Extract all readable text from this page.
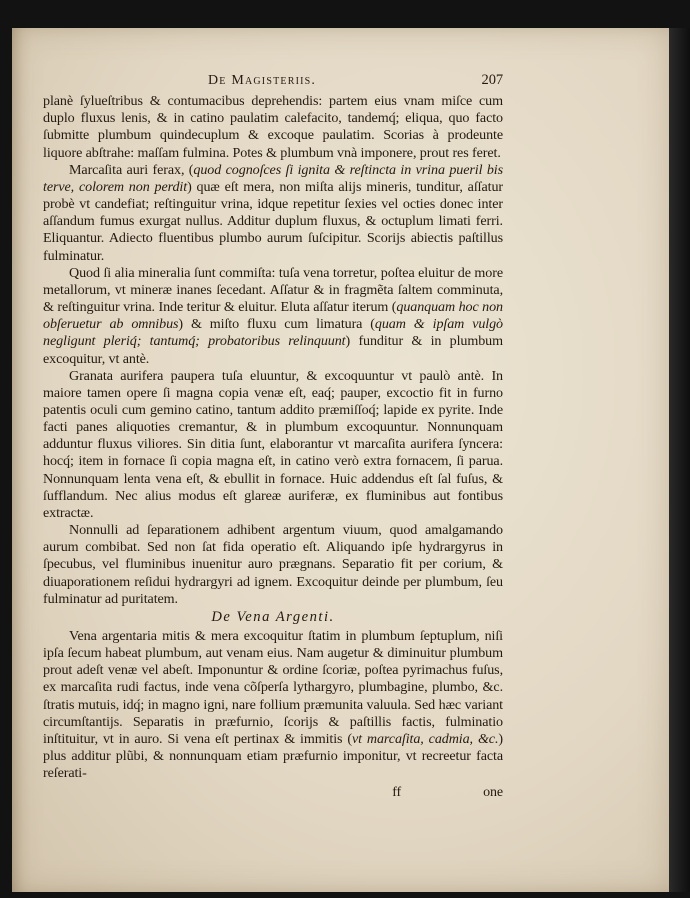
De Magisteriis.	207

planè ſylueſtribus & contumacibus deprehendis: partem eius vnam miſce cum duplo fluxus lenis, & in catino paulatim calefacito, tandemq́; eliqua, quo facto ſubmitte plumbum quindecuplum & excoque paulatim. Scorias à prodeunte liquore abſtrahe: maſſam fulmina. Potes & plumbum vnà imponere, prout res feret.

Marcaſita auri ferax, (quod cognoſces ſi ignita & reſtincta in vrina pueril bis terve, colorem non perdit) quæ eſt mera, non miſta alijs mineris, tunditur, aſſatur probè vt candefiat; reſtinguitur vrina, idque repetitur ſexies vel octies donec inter aſſandum fumus exurgat nullus. Additur duplum fluxus, & octuplum limati ferri. Eliquantur. Adiecto fluentibus plumbo aurum ſuſcipitur. Scorijs abiectis paſtillus fulminatur.

Quod ſi alia mineralia ſunt commiſta: tuſa vena torretur, poſtea eluitur de more metallorum, vt mineræ inanes ſecedant. Aſſatur & in fragmẽta ſaltem comminuta, & reſtinguitur vrina. Inde teritur & eluitur. Eluta aſſatur iterum (quanquam hoc non obſeruetur ab omnibus) & miſto fluxu cum limatura (quam & ipſam vulgò negligunt pleriq́; tantumq́; probatoribus relinquunt) funditur & in plumbum excoquitur, vt antè.

Granata aurifera paupera tuſa eluuntur, & excoquuntur vt paulò antè. In maiore tamen opere ſi magna copia venæ eſt, eaq́; pauper, excoctio fit in furno patentis oculi cum gemino catino, tantum addito præmiſſoq́; lapide ex pyrite. Inde facti panes aliquoties cremantur, & in plumbum excoquuntur. Nonnunquam adduntur fluxus viliores. Sin ditia ſunt, elaborantur vt marcaſita aurifera ſyncera: hocq́; item in fornace ſi copia magna eſt, in catino verò extra fornacem, ſi parua. Nonnunquam lenta vena eſt, & ebullit in fornace. Huic addendus eſt ſal fuſus, & ſufflandum. Nec alius modus eſt glareæ auriferæ, ex fluminibus aut fontibus extractæ.

Nonnulli ad ſeparationem adhibent argentum viuum, quod amalgamando aurum combibat. Sed non ſat fida operatio eſt. Aliquando ipſe hydrargyrus in ſpecubus, vel fluminibus inuenitur auro prægnans. Separatio fit per corium, & diuaporationem reſidui hydrargyri ad ignem. Excoquitur deinde per plumbum, ſeu fulminatur ad puritatem.

De Vena Argenti.

Vena argentaria mitis & mera excoquitur ſtatim in plumbum ſeptuplum, niſi ipſa ſecum habeat plumbum, aut venam eius. Nam augetur & diminuitur plumbum prout adeſt venæ vel abeſt. Imponuntur & ordine ſcoriæ, poſtea pyrimachus fuſus, ex marcaſita rudi factus, inde vena cõſperſa lythargyro, plumbagine, plumbo, &c. ſtratis mutuis, idq́; in magno igni, nare follium præmunita valuula. Sed hæc variant circumſtantijs. Separatis in præfurnio, ſcorijs & paſtillis factis, fulminatio inſtituitur, vt in auro. Si vena eſt pertinax & immitis (vt marcaſita, cadmia, &c.) plus additur plũbi, & nonnunquam etiam præfurnio imponitur, vt recreetur facta reſerati-

ff	one
